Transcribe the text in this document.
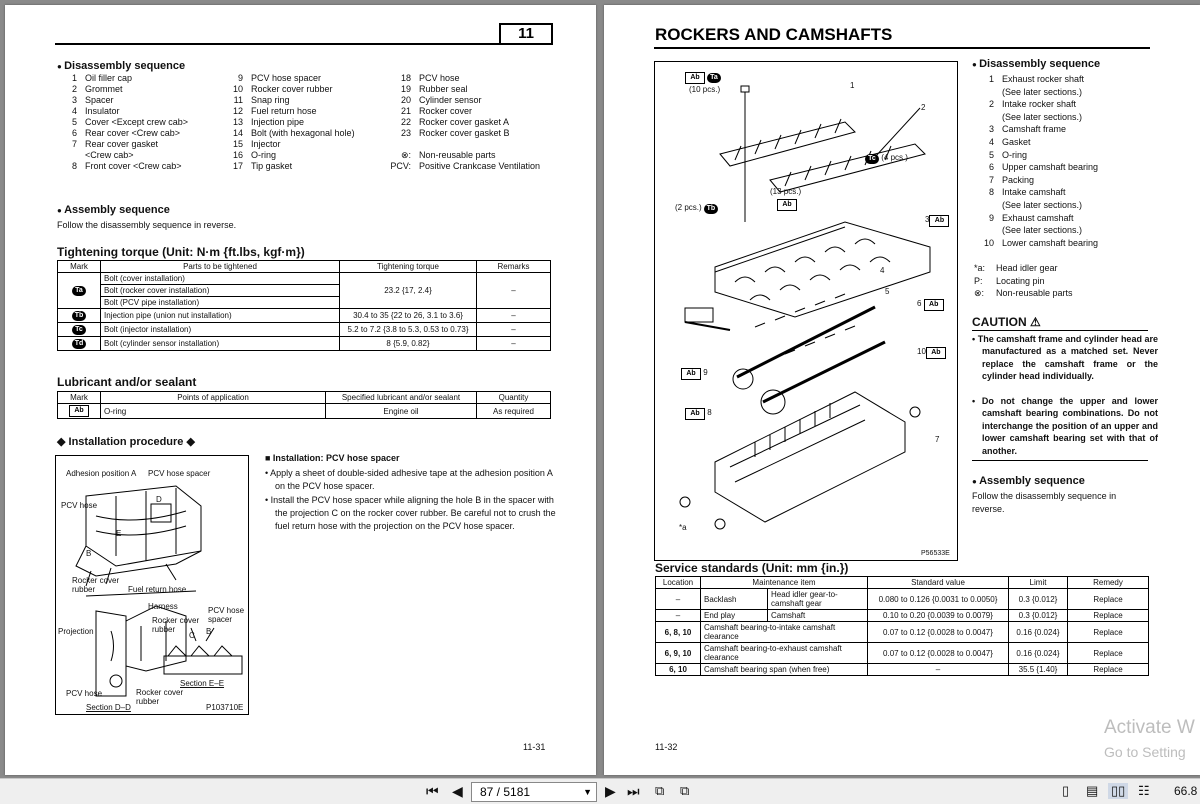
11
● Disassembly sequence
1 Oil filler cap
2 Grommet
3 Spacer
4 Insulator
5 Cover <Except crew cab>
6 Rear cover <Crew cab>
7 Rear cover gasket
<Crew cab>
8 Front cover <Crew cab>
9 PCV hose spacer
10 Rocker cover rubber
11 Snap ring
12 Fuel return hose
13 Injection pipe
14 Bolt (with hexagonal hole)
15 Injector
16 O-ring
17 Tip gasket
18 PCV hose
19 Rubber seal
20 Cylinder sensor
21 Rocker cover
22 Rocker cover gasket A
23 Rocker cover gasket B
⊗: Non-reusable parts
PCV: Positive Crankcase Ventilation
● Assembly sequence
Follow the disassembly sequence in reverse.
Tightening torque (Unit: N·m {ft.lbs, kgf·m})
Mark	Parts to be tightened	Tightening torque	Remarks
Ta	Bolt (cover installation)	23.2 {17, 2.4}	–
	Bolt (rocker cover installation)		
	Bolt (PCV pipe installation)		
Tb	Injection pipe (union nut installation)	30.4 to 35 {22 to 26, 3.1 to 3.6}	–
Tc	Bolt (injector installation)	5.2 to 7.2 {3.8 to 5.3, 0.53 to 0.73}	–
Td	Bolt (cylinder sensor installation)	8 {5.9, 0.82}	–
Lubricant and/or sealant
Mark	Points of application	Specified lubricant and/or sealant	Quantity
Ab	O-ring	Engine oil	As required
◆ Installation procedure ◆
Adhesion position A PCV hose spacer
PCV hose
D
E
B
Rocker cover rubber	Fuel return hose
Harness
Rocker cover rubber
PCV hose spacer
Projection	C B
Section E–E
PCV hose	Rocker cover rubber
Section D–D	P103710E
■ Installation: PCV hose spacer
• Apply a sheet of double-sided adhesive tape at the adhesion position A on the PCV hose spacer.
• Install the PCV hose spacer while aligning the hole B in the spacer with the projection C on the rocker cover rubber. Be careful not to crush the fuel return hose with the projection on the PCV hose spacer.
11-31
ROCKERS AND CAMSHAFTS
Ab Ta
(10 pcs.)	1
2
Tc (4 pcs.)
(13 pcs.)
Ab
(2 pcs.) Tb
3 Ab
4
5
6 Ab
10 Ab
Ab 9
Ab 8
7
*a
P56533E
● Disassembly sequence
1 Exhaust rocker shaft
(See later sections.)
2 Intake rocker shaft
(See later sections.)
3 Camshaft frame
4 Gasket
5 O-ring
6 Upper camshaft bearing
7 Packing
8 Intake camshaft
(See later sections.)
9 Exhaust camshaft
(See later sections.)
10 Lower camshaft bearing
*a: Head idler gear
P: Locating pin
⊗: Non-reusable parts
CAUTION ⚠
• The camshaft frame and cylinder head are manufactured as a matched set. Never replace the camshaft frame or the cylinder head individually.
• Do not change the upper and lower camshaft bearing combinations. Do not interchange the position of an upper and lower camshaft bearing set with that of another.
● Assembly sequence
Follow the disassembly sequence in reverse.
Service standards (Unit: mm {in.})
Location	Maintenance item		Standard value	Limit	Remedy
–	Backlash	Head idler gear-to-camshaft gear	0.080 to 0.126 {0.0031 to 0.0050}	0.3 {0.012}	Replace
–	End play	Camshaft	0.10 to 0.20 {0.0039 to 0.0079}	0.3 {0.012}	Replace
6, 8, 10	Camshaft bearing-to-intake camshaft clearance		0.07 to 0.12 {0.0028 to 0.0047}	0.16 {0.024}	Replace
6, 9, 10	Camshaft bearing-to-exhaust camshaft clearance		0.07 to 0.12 {0.0028 to 0.0047}	0.16 {0.024}	Replace
6, 10	Camshaft bearing span (when free)		–	35.5 {1.40}	Replace
11-32
Activate W
Go to Setting
⏮ ◀	87 / 5181	▼ ▶ ⏭ ⧉ ⧉	▯ ▤ ▯▯ ☷ 66.8
